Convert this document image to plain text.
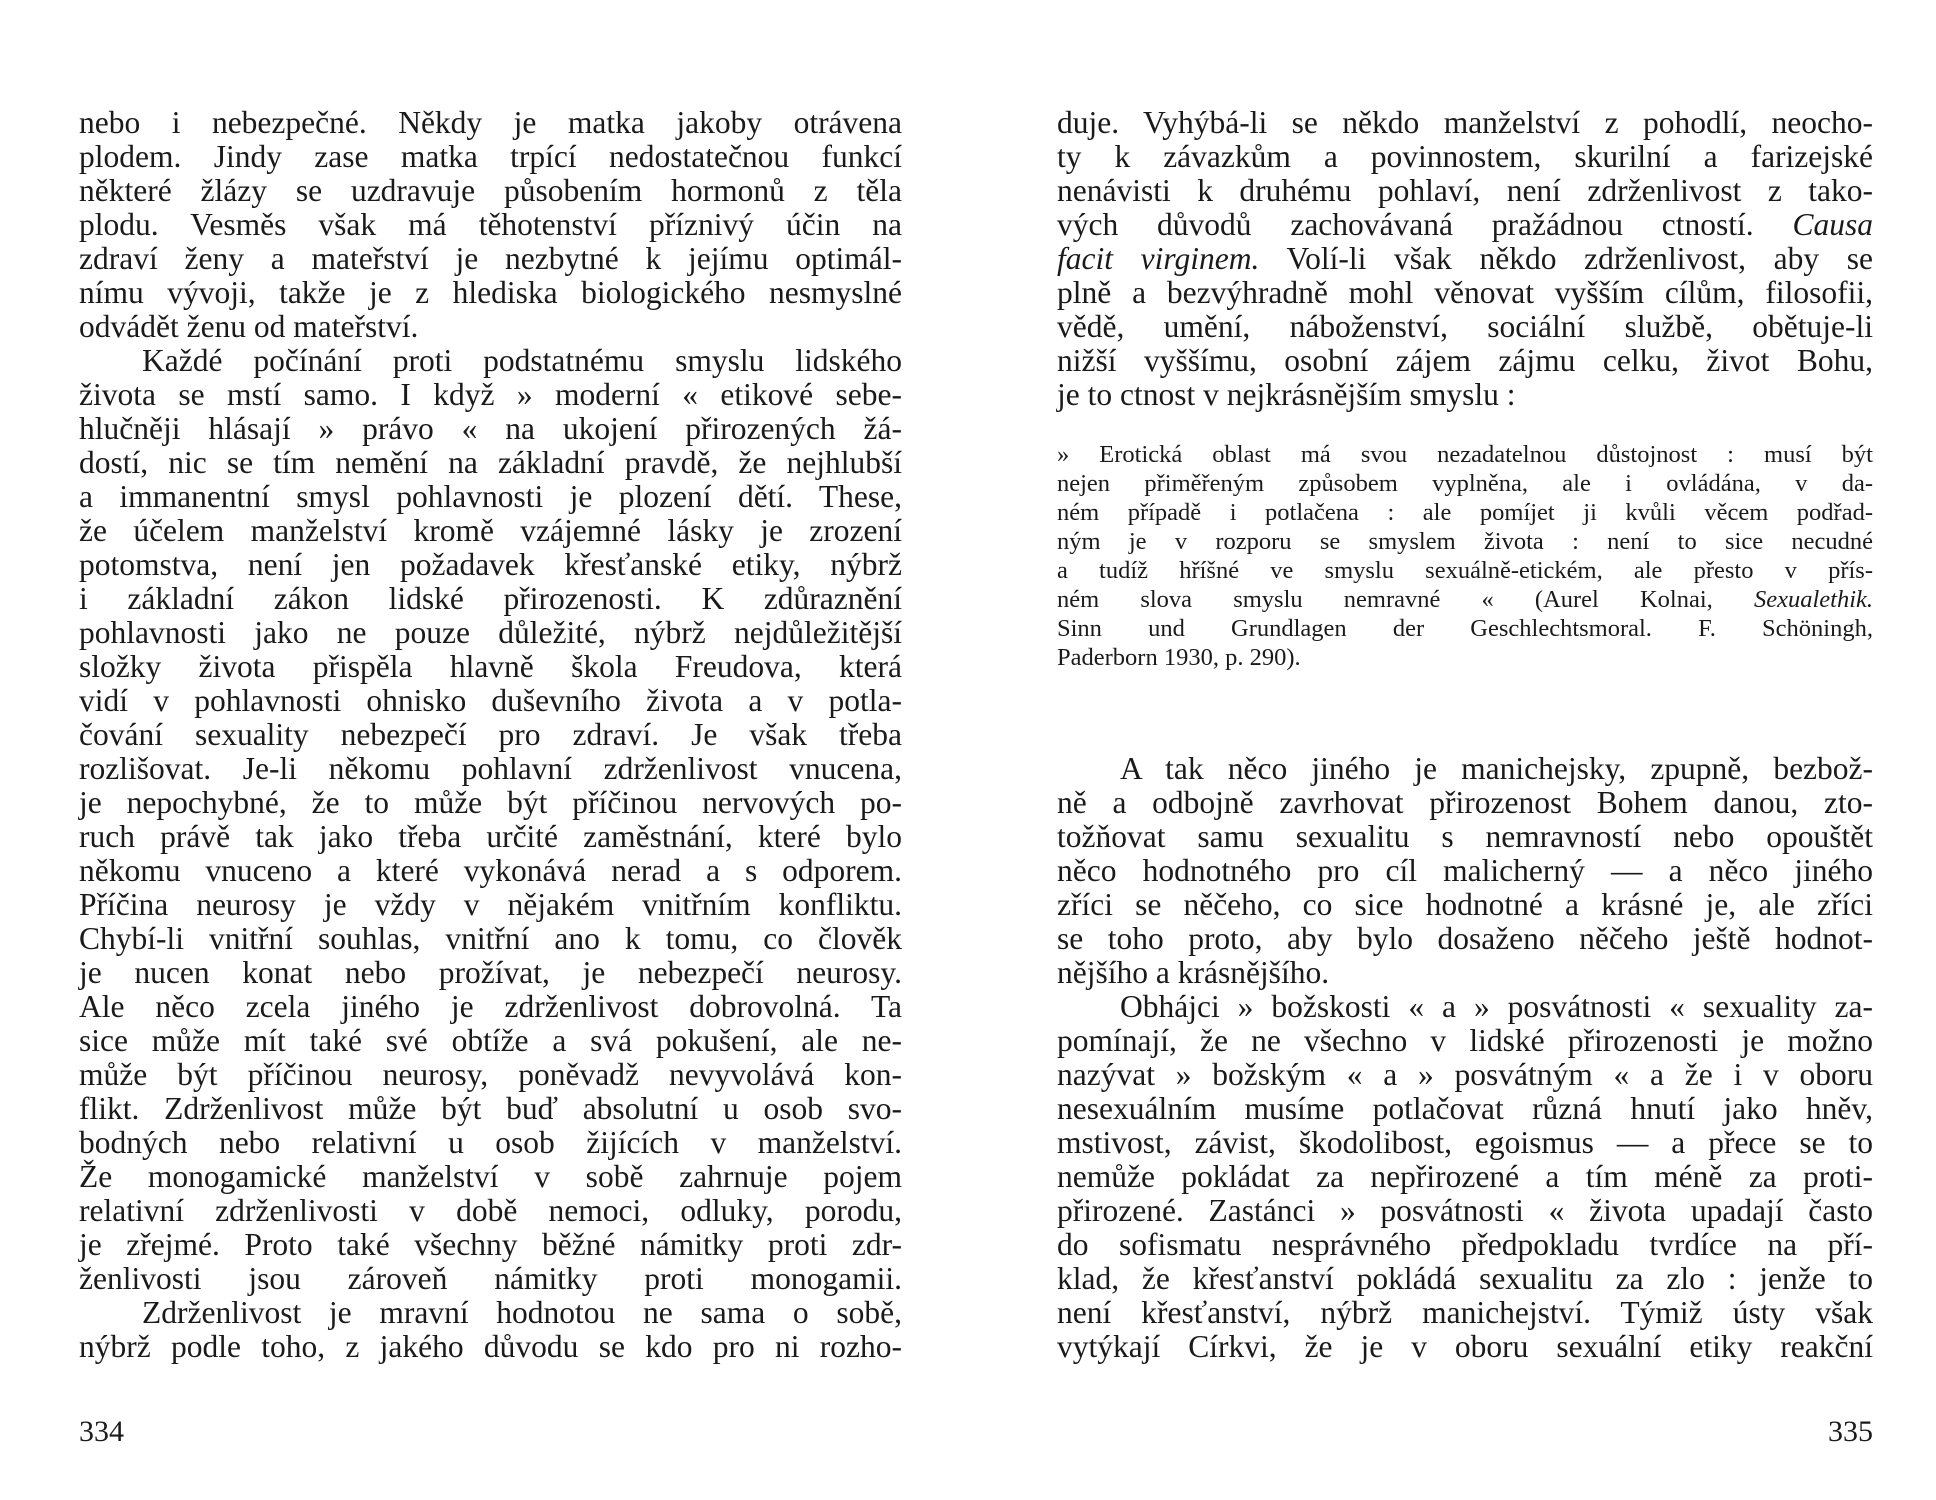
nebo i nebezpečné. Někdy je matka jakoby otrávena
plodem. Jindy zase matka trpící nedostatečnou funkcí
některé žlázy se uzdravuje působením hormonů z těla
plodu. Vesměs však má těhotenství příznivý účin na
zdraví ženy a mateřství je nezbytné k jejímu optimál-
nímu vývoji, takže je z hlediska biologického nesmyslné
odvádět ženu od mateřství.

Každé počínání proti podstatnému smyslu lidského
života se mstí samo. I když » moderní « etikové sebe-
hlučněji hlásají » právo « na ukojení přirozených žá-
dostí, nic se tím nemění na základní pravdě, že nejhlubší
a immanentní smysl pohlavnosti je plození dětí. These,
že účelem manželství kromě vzájemné lásky je zrození
potomstva, není jen požadavek křesťanské etiky, nýbrž
i základní zákon lidské přirozenosti. K zdůraznění
pohlavnosti jako ne pouze důležité, nýbrž nejdůležitější
složky života přispěla hlavně škola Freudova, která
vidí v pohlavnosti ohnisko duševního života a v potla-
čování sexuality nebezpečí pro zdraví. Je však třeba
rozlišovat. Je-li někomu pohlavní zdrženlivost vnucena,
je nepochybné, že to může být příčinou nervových po-
ruch právě tak jako třeba určité zaměstnání, které bylo
někomu vnuceno a které vykonává nerad a s odporem.
Příčina neurosy je vždy v nějakém vnitřním konfliktu.
Chybí-li vnitřní souhlas, vnitřní ano k tomu, co člověk
je nucen konat nebo prožívat, je nebezpečí neurosy.
Ale něco zcela jiného je zdrženlivost dobrovolná. Ta
sice může mít také své obtíže a svá pokušení, ale ne-
může být příčinou neurosy, poněvadž nevyvolává kon-
flikt. Zdrženlivost může být buď absolutní u osob svo-
bodných nebo relativní u osob žijících v manželství.
Že monogamické manželství v sobě zahrnuje pojem
relativní zdrženlivosti v době nemoci, odluky, porodu,
je zřejmé. Proto také všechny běžné námitky proti zdr-
ženlivosti jsou zároveň námitky proti monogamii.

Zdrženlivost je mravní hodnotou ne sama o sobě,
nýbrž podle toho, z jakého důvodu se kdo pro ni rozho-

334

duje. Vyhýbá-li se někdo manželství z pohodlí, neocho-
ty k závazkům a povinnostem, skurilní a farizejské
nenávisti k druhému pohlaví, není zdrženlivost z tako-
vých důvodů zachovávaná pražádnou ctností. Causa
facit virginem. Volí-li však někdo zdrženlivost, aby se
plně a bezvýhradně mohl věnovat vyšším cílům, filosofii,
vědě, umění, náboženství, sociální službě, obětuje-li
nižší vyššímu, osobní zájem zájmu celku, život Bohu,
je to ctnost v nejkrásnějším smyslu :

» Erotická oblast má svou nezadatelnou důstojnost : musí být
nejen přiměřeným způsobem vyplněna, ale i ovládána, v da-
ném případě i potlačena : ale pomíjet ji kvůli věcem podřad-
ným je v rozporu se smyslem života : není to sice necudné
a tudíž hříšné ve smyslu sexuálně-etickém, ale přesto v přís-
ném slova smyslu nemravné « (Aurel Kolnai, Sexualethik.
Sinn und Grundlagen der Geschlechtsmoral. F. Schöningh,
Paderborn 1930, p. 290).

A tak něco jiného je manichejsky, zpupně, bezbož-
ně a odbojně zavrhovat přirozenost Bohem danou, zto-
tožňovat samu sexualitu s nemravností nebo opouštět
něco hodnotného pro cíl malicherný — a něco jiného
zříci se něčeho, co sice hodnotné a krásné je, ale zříci
se toho proto, aby bylo dosaženo něčeho ještě hodnot-
nějšího a krásnějšího.

Obhájci » božskosti « a » posvátnosti « sexuality za-
pomínají, že ne všechno v lidské přirozenosti je možno
nazývat » božským « a » posvátným « a že i v oboru
nesexuálním musíme potlačovat různá hnutí jako hněv,
mstivost, závist, škodolibost, egoismus — a přece se to
nemůže pokládat za nepřirozené a tím méně za proti-
přirozené. Zastánci » posvátnosti « života upadají často
do sofismatu nesprávného předpokladu tvrdíce na pří-
klad, že křesťanství pokládá sexualitu za zlo : jenže to
není křesťanství, nýbrž manichejství. Týmiž ústy však
vytýkají Církvi, že je v oboru sexuální etiky reakční

335
